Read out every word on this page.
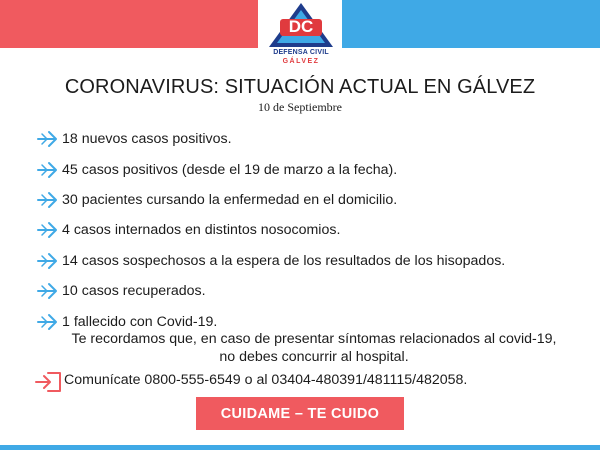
DC
DEFENSA CIVIL
GÁLVEZ
CORONAVIRUS: SITUACIÓN ACTUAL EN GÁLVEZ
10 de Septiembre
18 nuevos casos positivos.
45 casos positivos (desde el 19 de marzo a la fecha).
30 pacientes cursando la enfermedad en el domicilio.
4 casos internados en distintos nosocomios.
14 casos sospechosos a la espera de los resultados de los hisopados.
10 casos recuperados.
1 fallecido con Covid-19.
Te recordamos que, en caso de presentar síntomas relacionados al covid-19, no debes concurrir al hospital.
Comunícate 0800-555-6549 o al 03404-480391/481115/482058.
CUIDAME – TE CUIDO
